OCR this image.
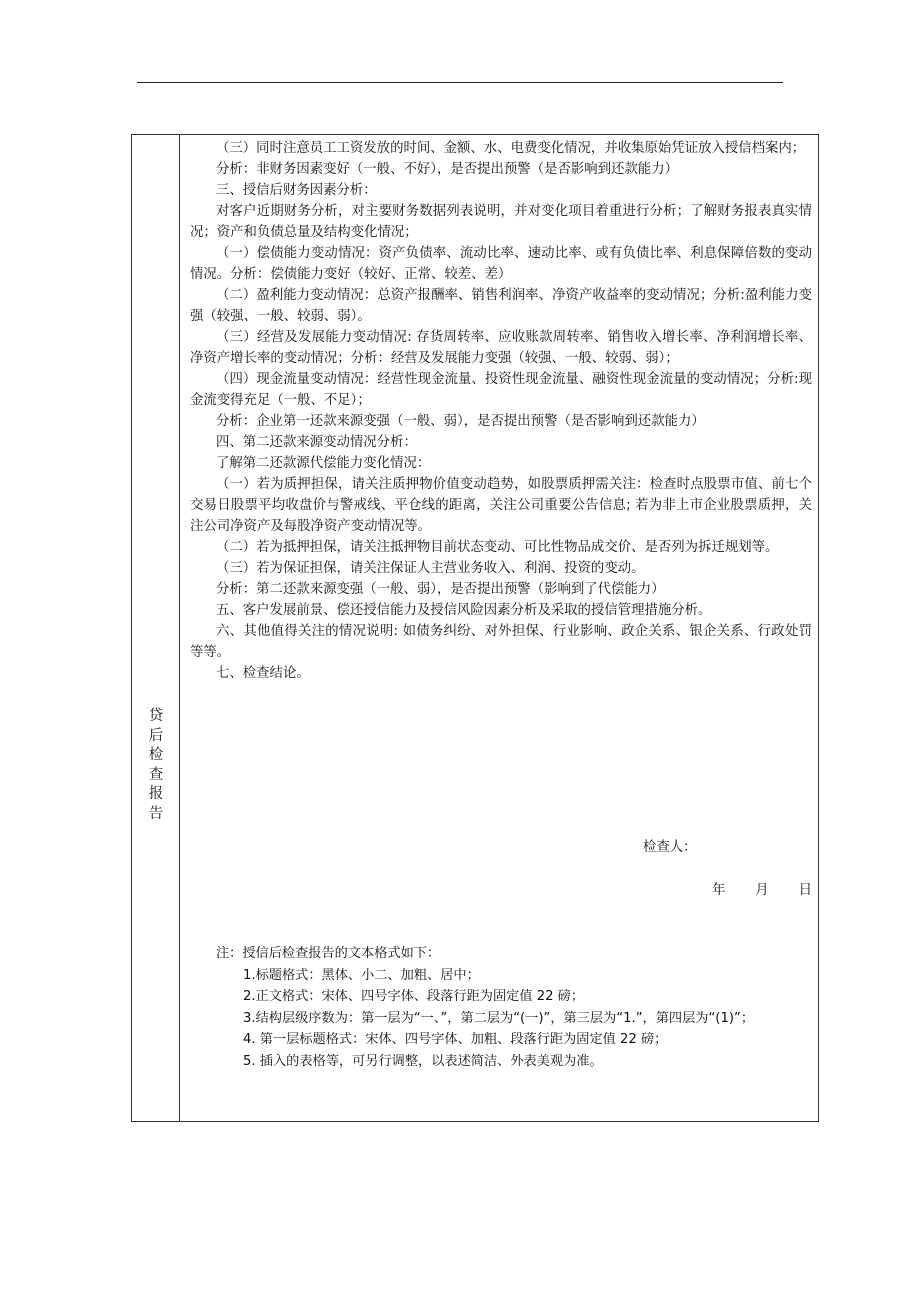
贷后检查报告

（三）同时注意员工工资发放的时间、金额、水、电费变化情况，并收集原始凭证放入授信档案内；

分析：非财务因素变好（一般、不好），是否提出预警（是否影响到还款能力）

三、授信后财务因素分析：

对客户近期财务分析，对主要财务数据列表说明，并对变化项目着重进行分析；了解财务报表真实情况；资产和负债总量及结构变化情况；

（一）偿债能力变动情况：资产负债率、流动比率、速动比率、或有负债比率、利息保障倍数的变动情况。分析：偿债能力变好（较好、正常、较差、差）

（二）盈利能力变动情况：总资产报酬率、销售利润率、净资产收益率的变动情况；分析:盈利能力变强（较强、一般、较弱、弱）。

（三）经营及发展能力变动情况: 存货周转率、应收账款周转率、销售收入增长率、净利润增长率、净资产增长率的变动情况；分析：经营及发展能力变强（较强、一般、较弱、弱）；

（四）现金流量变动情况：经营性现金流量、投资性现金流量、融资性现金流量的变动情况；分析:现金流变得充足（一般、不足）；

分析：企业第一还款来源变强（一般、弱），是否提出预警（是否影响到还款能力）

四、第二还款来源变动情况分析：

了解第二还款源代偿能力变化情况：

（一）若为质押担保，请关注质押物价值变动趋势，如股票质押需关注：检查时点股票市值、前七个交易日股票平均收盘价与警戒线、平仓线的距离，关注公司重要公告信息; 若为非上市企业股票质押，关注公司净资产及每股净资产变动情况等。

（二）若为抵押担保，请关注抵押物目前状态变动、可比性物品成交价、是否列为拆迁规划等。

（三）若为保证担保，请关注保证人主营业务收入、利润、投资的变动。

分析：第二还款来源变强（一般、弱），是否提出预警（影响到了代偿能力）

五、客户发展前景、偿还授信能力及授信风险因素分析及采取的授信管理措施分析。

六、其他值得关注的情况说明: 如债务纠纷、对外担保、行业影响、政企关系、银企关系、行政处罚等等。

七、检查结论。

检查人：
年 月 日

注：授信后检查报告的文本格式如下：

1.标题格式：黑体、小二、加粗、居中；

2.正文格式：宋体、四号字体、段落行距为固定值 22 磅；

3.结构层级序数为：第一层为“一、”，第二层为“(一)”，第三层为“1.”，第四层为“(1)”；

4. 第一层标题格式：宋体、四号字体、加粗、段落行距为固定值 22 磅；

5. 插入的表格等，可另行调整，以表述简洁、外表美观为准。
